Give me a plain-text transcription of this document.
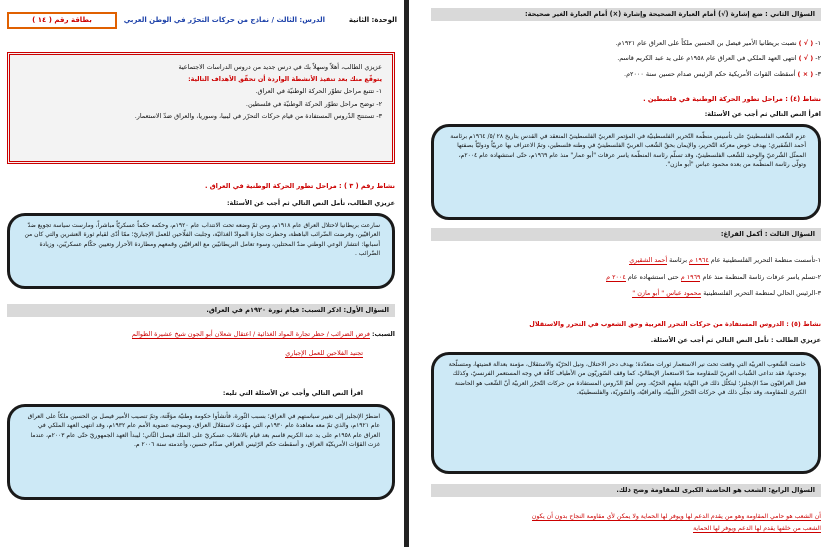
الوحدة: الثانية
الدرس: الثالث / نماذج من حركات التحرّر في الوطن العربي
بطاقة رقم ( ١٤ )
عزيزي الطالب، أهلاً وسهلاً بك في درس جديد من دروس الدراسات الاجتماعية
يتوقّع منك بعد تنفيذ الأنشطة الواردة أن تحقّق الأهداف التالية:
١- تتتبع مراحل تطوّر الحركة الوطنيّة في العراق.
٢- توضح مراحل تطوّر الحركة الوطنيّة في فلسطين.
٣- تستنتج الدّروس المستفادة من قيام حركات التحرّر في ليبيا، وسوريا، والعراق ضدّ الاستعمار.
نشاط رقم ( ٣ ) : مراحل تطور الحركة الوطنية في العراق .
عزيزي الطالب، تأمل النص التالي ثم أجب عن الأسئلة:
سارعت بريطانيا لاحتلال العراق عام ١٩١٨م، ومن ثمّ وضعه تحت الانتداب عام ١٩٢٠م، وحكمه حكماً عسكريّاً مباشراً، ومارست سياسة تجويع ضدّ العراقيّين، وفرضت الضّرائب الباهظة، وحظرت تجارة الموادّ الغذائيّة، وجلبت الفلّاحين للعمل الإجباريّ؛ ممّا أدّى لقيام ثورة العشرين والتي كان من أسبابها: انتشار الوعي الوطني ضدّ المحتلين، وسوء تعامل البريطانيّين مع العراقيّين وقمعهم ومطاردة الأحرار وتعيين حكّام عسكريّين، وزيادة الضّرائب .
السؤال الأول: اذكر السبب: قيام ثورة ١٩٢٠م في العراق.
السبب: فرض الضرائب / حظر تجارة المواد الغذائية / اعتقال شعلان أبو الجون شيخ عشيرة الظوالم
تجنيد الفلاحين للعمل الإجباري
اقرأ النص التالي وأجب عن الأسئلة التي تليه:
اضطرّ الإنجليز إلى تغيير سياستهم في العراق؛ بسبب الثّورة، فأنشأوا حكومة وطنيّة مؤقّتة، وتمّ تنصيب الأمير فيصل بن الحسين ملكاً على العراق عام ١٩٢١م، والذي تمّ معه معاهدة عام ١٩٣٠م، التي مهّدت لاستقلال العراق، وبموجبه عضوية الأمم عام ١٩٣٢م، وقد انتهى العهد الملكي في العراق عام ١٩٥٨م على يد عبد الكريم قاسم بعد قيام بالانقلاب عسكريّ على الملك فيصل الثّاني؛ ليبدأ العهد الجمهوريّ حتّى عام ٢٠٠٣م، عندما غزت القوّات الأمريكيّة العراق، و أسقطت حكم الرّئيس العراقي صدّام حسين، وأعدمته سنة ٢٠٠٦ م.
السؤال الثاني : ضع إشارة (√) أمام العبارة الصحيحة وإشارة (×) أمام العبارة الغير صحيحة:
١- ( √ ) نصبت بريطانيا الأمير فيصل بن الحسين ملكاً على العراق عام ١٩٢١م.
٢- ( √ ) انتهى العهد الملكي في العراق عام ١٩٥٨م على يد عبد الكريم قاسم.
٣- ( × ) أسقطت القوات الأمريكية حكم الرئيس صدام حسين سنة ٢٠٠٠م.
نشاط (٤) : مراحل تطور الحركة الوطنية في فلسطين .
اقرأ النص التالي ثم أجب عن الأسئلة:
عزم الشّعب الفلسطينيّ على تأسيس منظّمة التّحرير الفلسطينيّة في المؤتمر العربيّ الفلسطينيّ المنعقد في القدس بتاريخ ٢٨ /٥/ ١٩٦٤م برئاسة أحمد الشّقيري؛ بهدف خوض معركة التّحرير، والإيمان بحقّ الشّعب العربيّ الفلسطينيّ في وطنه فلسطين، وتمّ الاعتراف بها عربيّاً ودوليّاً بصفتها الممثّل الشّرعيّ والوحيد للشّعب الفلسطينيّ، وقد تسلّم رئاسة المنظّمة ياسر عرفات "أبو عمار" منذ عام ١٩٦٩م، حتّى استشهاده عام ٢٠٠٤م، وتولّى رئاسة المنظّمة من بعده محمود عباس "أبو مازن".
السؤال الثالث : أكمل الفراغ:
١-تأسست منظمة التحرير الفلسطينية عام ١٩٦٤ م برئاسة أحمد الشقيري
٢-تسلم ياسر عرفات رئاسة المنظمة منذ عام ١٩٦٩ م حتى استشهاده عام ٢٠٠٤ م
٣-الرئيس الحالي لمنظمة التحرير الفلسطينية محمود عباس " أبو مازن "
نشاط (٥) : الدروس المستفادة من حركات التحرر العربية وحق الشعوب في التحرر والاستقلال
عزيزي الطالب : تأمل النص التالي ثم أجب عن الأسئلة.
خاضت الشّعوب العربيّة التي وقعت تحت نير الاستعمار ثورات متعدّدة؛ بهدف دحر الاحتلال، ونيل الحرّيّة والاستقلال، مؤمنة بعدالة قضيتها، ومتسلّحة بوحدتها، فقد تداعى الشّباب العربيّ للمقاومة ضدّ الاستعمار الإيطاليّ، كما وقف السّوريّون من الأطياف كافّة في وجه المستعمر الفرنسيّ، وكذلك فعل العراقيّون ضدّ الإنجليز؛ ليتكلّل ذلك في النّهاية بنيلهم الحرّيّة. ومن أهمّ الدّروس المستفادة من حركات التّحرّر العربيّة أنّ الشّعب هو الحاضنة الكبرى للمقاومة، وقد تجلّى ذلك في حركات التّحرّر اللّيبيّة، والعراقيّة، والسّوريّة، والفلسطينيّة.
السؤال الرابع: الشعب هو الحاضنة الكبرى للمقاومة وضح ذلك.
أن الشعب هو حامي المقاومة وهو من يقدم الدعم لها ويوفر لها الحماية ولا يمكن لأي مقاومة النجاح بدون أن يكون
الشعب من خلفها يقدم لها الدعم ويوفر لها الحماية
